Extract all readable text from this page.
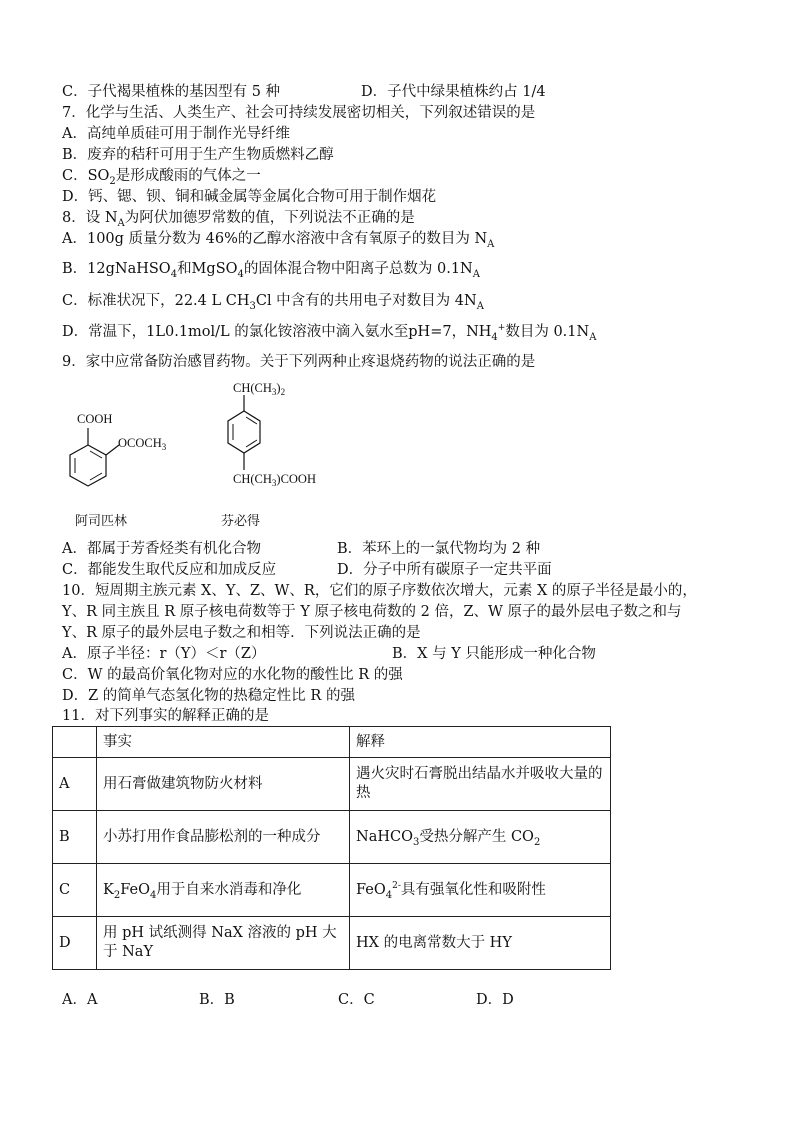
C．子代褐果植株的基因型有 5 种	D．子代中绿果植株约占 1/4
7．化学与生活、人类生产、社会可持续发展密切相关，下列叙述错误的是
A．高纯单质硅可用于制作光导纤维
B．废弃的秸秆可用于生产生物质燃料乙醇
C．$SO_2$是形成酸雨的气体之一
D．钙、锶、钡、铜和碱金属等金属化合物可用于制作烟花
8．设 $N_A$为阿伏加德罗常数的值，下列说法不正确的是
A．100g 质量分数为 46%的乙醇水溶液中含有氧原子的数目为 $N_A$
B．12gNaHSO$_4$和MgSO$_4$的固体混合物中阳离子总数为 $0.1N_A$
C．标准状况下，22.4 L $CH_3Cl$ 中含有的共用电子对数目为 $4N_A$
D．常温下，1L0.1mol/L 的氯化铵溶液中滴入氨水至pH=7，$NH_4^+$数目为 $0.1N_A$
9．家中应常备防治感冒药物。关于下列两种止疼退烧药物的说法正确的是
COOH
$OCOCH_3$
阿司匹林
$CH(CH_3)_2$
$CH(CH_3)COOH$
芬必得
A．都属于芳香烃类有机化合物	B．苯环上的一氯代物均为 2 种
C．都能发生取代反应和加成反应	D．分子中所有碳原子一定共平面
10．短周期主族元素 X、Y、Z、W、R，它们的原子序数依次增大，元素 X 的原子半径是最小的，
Y、R 同主族且 R 原子核电荷数等于 Y 原子核电荷数的 2 倍，Z、W 原子的最外层电子数之和与
Y、R 原子的最外层电子数之和相等．下列说法正确的是
A．原子半径：r（Y）＜r（Z）	B．X 与 Y 只能形成一种化合物
C．W 的最高价氧化物对应的水化物的酸性比 R 的强
D．Z 的简单气态氢化物的热稳定性比 R 的强
11．对下列事实的解释正确的是
	事实	解释
A	用石膏做建筑物防火材料	遇火灾时石膏脱出结晶水并吸收大量的热
B	小苏打用作食品膨松剂的一种成分	NaHCO$_3$受热分解产生 $CO_2$
C	$K_2FeO_4$用于自来水消毒和净化	FeO$_4^{2-}$具有强氧化性和吸附性
D	用 pH 试纸测得 NaX 溶液的 pH 大于 NaY	HX 的电离常数大于 HY
A．A	B．B	C．C	D．D
